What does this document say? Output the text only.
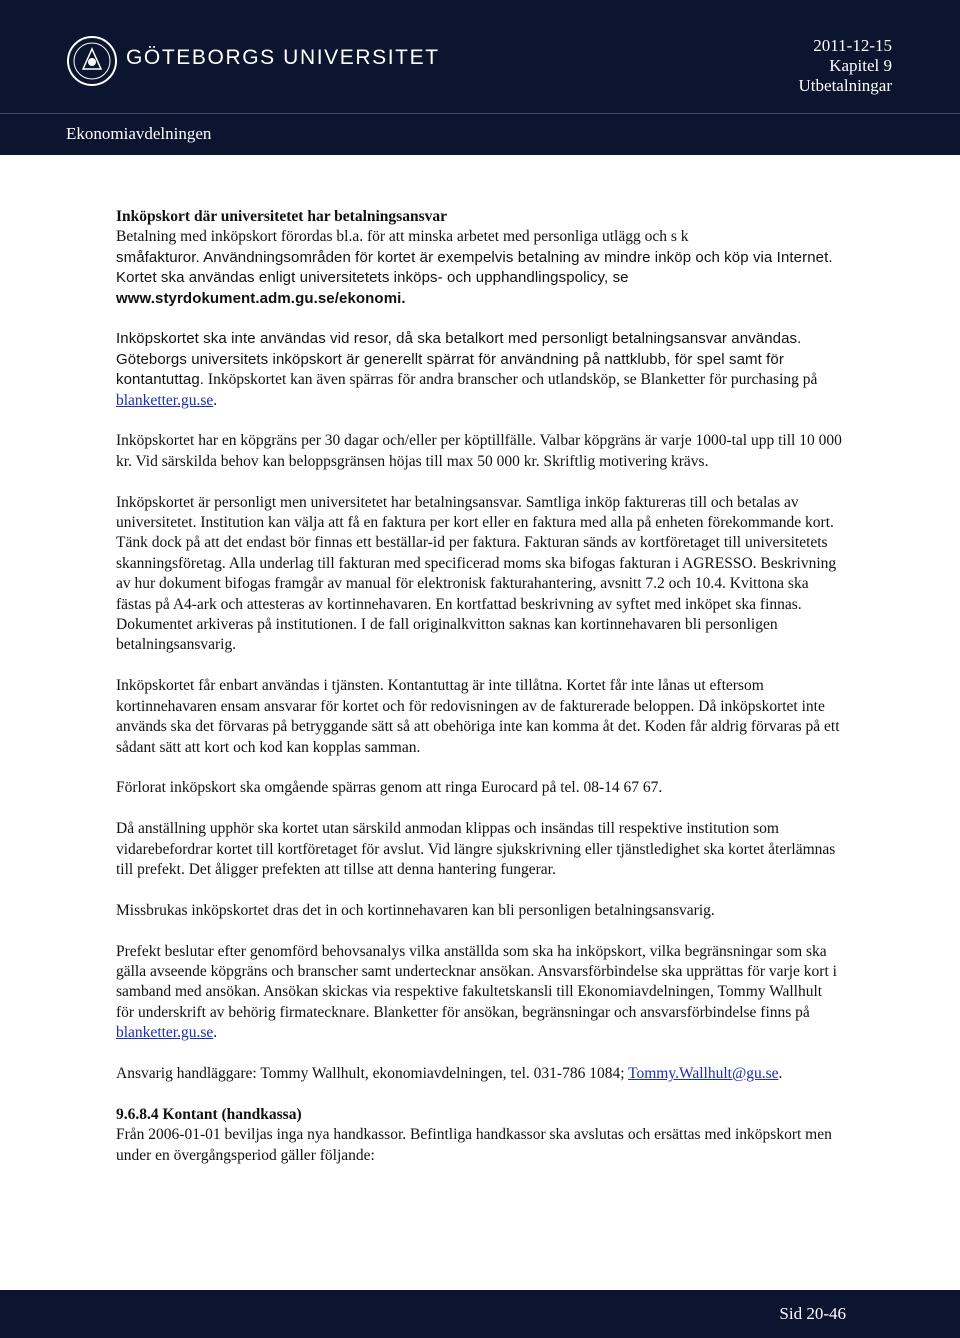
GÖTEBORGS UNIVERSITET
2011-12-15
Kapitel 9
Utbetalningar
Ekonomiavdelningen

Inköpskort där universitetet har betalningsansvar
Betalning med inköpskort förordas bl.a. för att minska arbetet med personliga utlägg och s k
småfakturor. Användningsområden för kortet är exempelvis betalning av mindre inköp och köp via Internet. Kortet ska användas enligt universitetets inköps- och upphandlingspolicy, se www.styrdokument.adm.gu.se/ekonomi.

Inköpskortet ska inte användas vid resor, då ska betalkort med personligt betalningsansvar användas. Göteborgs universitets inköpskort är generellt spärrat för användning på nattklubb, för spel samt för kontantuttag. Inköpskortet kan även spärras för andra branscher och utlandsköp, se Blanketter för purchasing på blanketter.gu.se.

Inköpskortet har en köpgräns per 30 dagar och/eller per köptillfälle. Valbar köpgräns är varje 1000-tal upp till 10 000 kr. Vid särskilda behov kan beloppsgränsen höjas till max 50 000 kr. Skriftlig motivering krävs.

Inköpskortet är personligt men universitetet har betalningsansvar. Samtliga inköp faktureras till och betalas av universitetet. Institution kan välja att få en faktura per kort eller en faktura med alla på enheten förekommande kort. Tänk dock på att det endast bör finnas ett beställar-id per faktura. Fakturan sänds av kortföretaget till universitetets skanningsföretag. Alla underlag till fakturan med specificerad moms ska bifogas fakturan i AGRESSO. Beskrivning av hur dokument bifogas framgår av manual för elektronisk fakturahantering, avsnitt 7.2 och 10.4. Kvittona ska fästas på A4-ark och attesteras av kortinnehavaren. En kortfattad beskrivning av syftet med inköpet ska finnas. Dokumentet arkiveras på institutionen. I de fall originalkvitton saknas kan kortinnehavaren bli personligen betalningsansvarig.

Inköpskortet får enbart användas i tjänsten. Kontantuttag är inte tillåtna. Kortet får inte lånas ut eftersom kortinnehavaren ensam ansvarar för kortet och för redovisningen av de fakturerade beloppen. Då inköpskortet inte används ska det förvaras på betryggande sätt så att obehöriga inte kan komma åt det. Koden får aldrig förvaras på ett sådant sätt att kort och kod kan kopplas samman.

Förlorat inköpskort ska omgående spärras genom att ringa Eurocard på tel. 08-14 67 67.

Då anställning upphör ska kortet utan särskild anmodan klippas och insändas till respektive institution som vidarebefordrar kortet till kortföretaget för avslut. Vid längre sjukskrivning eller tjänstledighet ska kortet återlämnas till prefekt. Det åligger prefekten att tillse att denna hantering fungerar.

Missbrukas inköpskortet dras det in och kortinnehavaren kan bli personligen betalningsansvarig.

Prefekt beslutar efter genomförd behovsanalys vilka anställda som ska ha inköpskort, vilka begränsningar som ska gälla avseende köpgräns och branscher samt undertecknar ansökan. Ansvarsförbindelse ska upprättas för varje kort i samband med ansökan. Ansökan skickas via respektive fakultetskansli till Ekonomiavdelningen, Tommy Wallhult för underskrift av behörig firmatecknare. Blanketter för ansökan, begränsningar och ansvarsförbindelse finns på blanketter.gu.se.

Ansvarig handläggare: Tommy Wallhult, ekonomiavdelningen, tel. 031-786 1084; Tommy.Wallhult@gu.se.

9.6.8.4 Kontant (handkassa)
Från 2006-01-01 beviljas inga nya handkassor. Befintliga handkassor ska avslutas och ersättas med inköpskort men under en övergångsperiod gäller följande:

Sid 20-46
